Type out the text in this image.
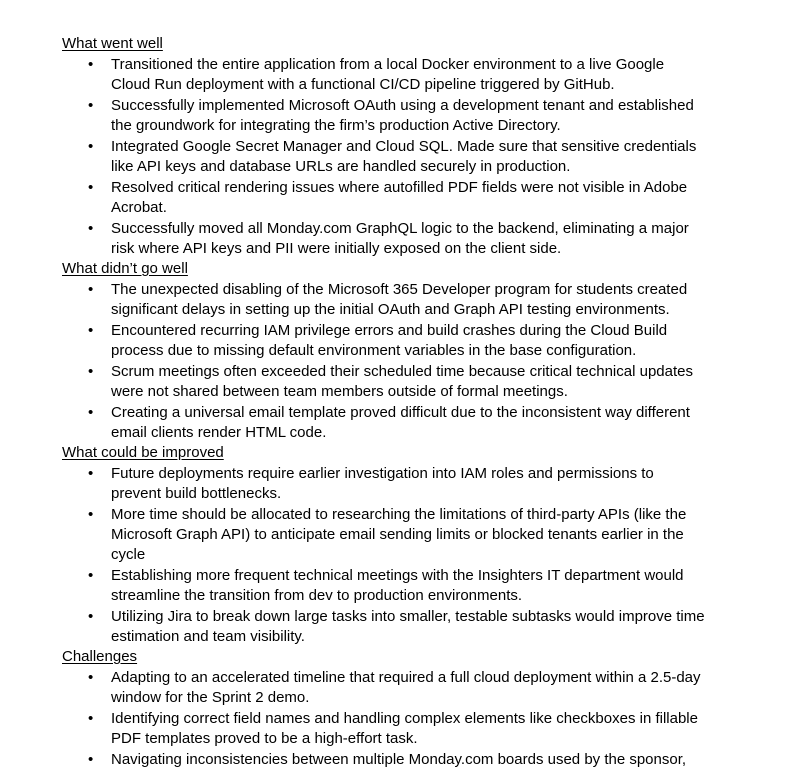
What went well
• Transitioned the entire application from a local Docker environment to a live Google Cloud Run deployment with a functional CI/CD pipeline triggered by GitHub.
• Successfully implemented Microsoft OAuth using a development tenant and established the groundwork for integrating the firm’s production Active Directory.
• Integrated Google Secret Manager and Cloud SQL. Made sure that sensitive credentials like API keys and database URLs are handled securely in production.
• Resolved critical rendering issues where autofilled PDF fields were not visible in Adobe Acrobat.
• Successfully moved all Monday.com GraphQL logic to the backend, eliminating a major risk where API keys and PII were initially exposed on the client side.
What didn’t go well
• The unexpected disabling of the Microsoft 365 Developer program for students created significant delays in setting up the initial OAuth and Graph API testing environments.
• Encountered recurring IAM privilege errors and build crashes during the Cloud Build process due to missing default environment variables in the base configuration.
• Scrum meetings often exceeded their scheduled time because critical technical updates were not shared between team members outside of formal meetings.
• Creating a universal email template proved difficult due to the inconsistent way different email clients render HTML code.
What could be improved
• Future deployments require earlier investigation into IAM roles and permissions to prevent build bottlenecks.
• More time should be allocated to researching the limitations of third-party APIs (like the Microsoft Graph API) to anticipate email sending limits or blocked tenants earlier in the cycle
• Establishing more frequent technical meetings with the Insighters IT department would streamline the transition from dev to production environments.
• Utilizing Jira to break down large tasks into smaller, testable subtasks would improve time estimation and team visibility.
Challenges
• Adapting to an accelerated timeline that required a full cloud deployment within a 2.5-day window for the Sprint 2 demo.
• Identifying correct field names and handling complex elements like checkboxes in fillable PDF templates proved to be a high-effort task.
• Navigating inconsistencies between multiple Monday.com boards used by the sponsor,
